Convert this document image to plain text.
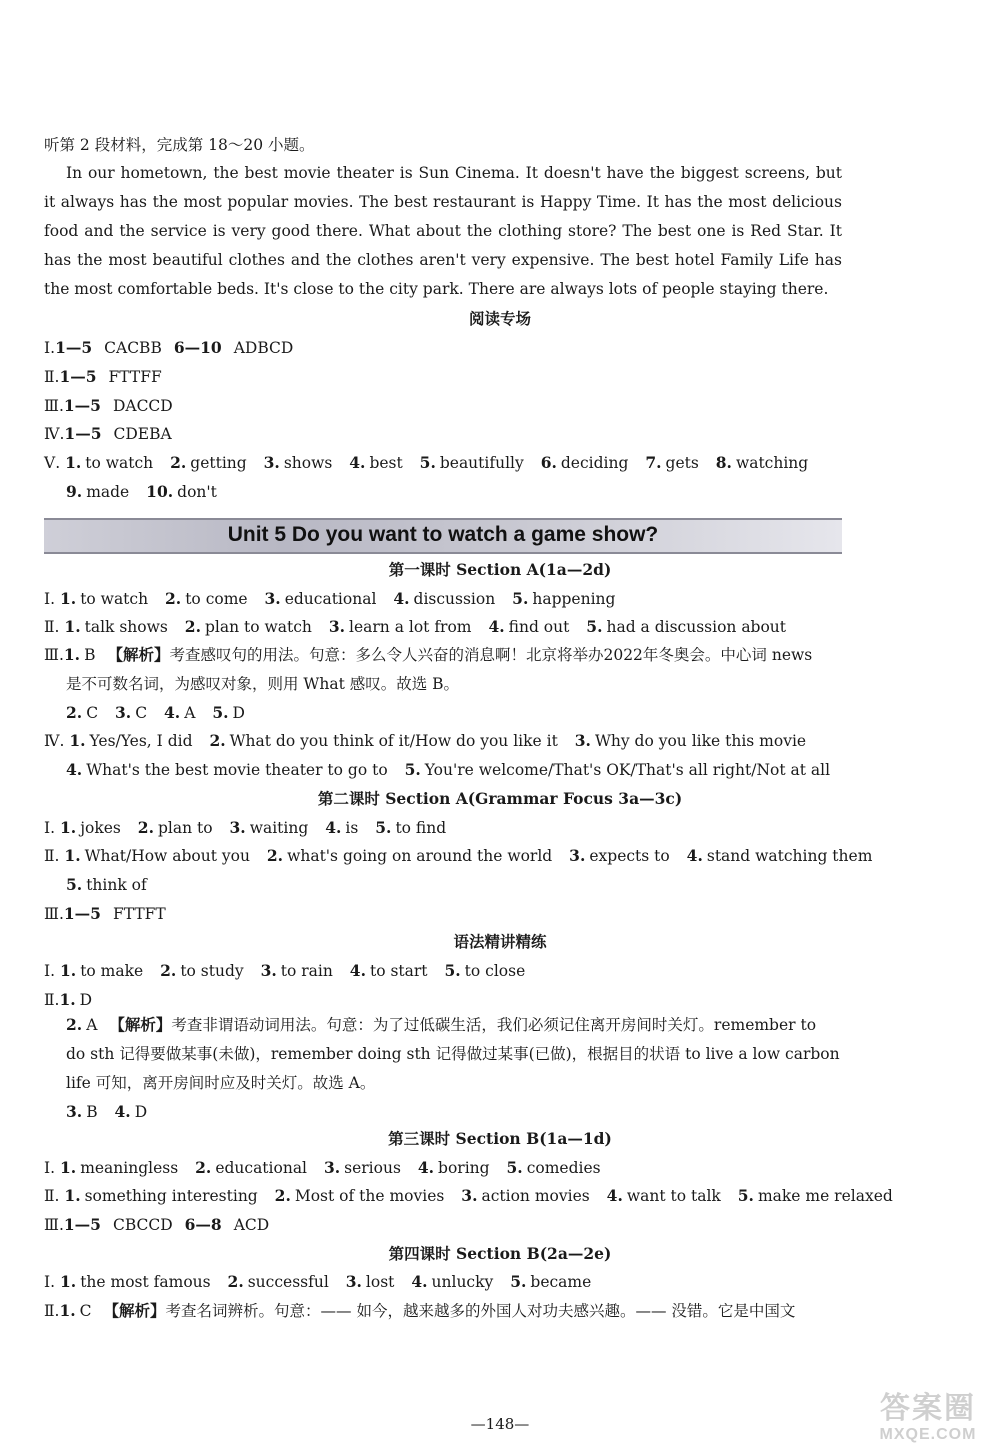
听第 2 段材料，完成第 18～20 小题。
In our hometown, the best movie theater is Sun Cinema. It doesn't have the biggest screens, but it always has the most popular movies. The best restaurant is Happy Time. It has the most delicious food and the service is very good there. What about the clothing store? The best one is Red Star. It has the most beautiful clothes and the clothes aren't very expensive. The best hotel Family Life has the most comfortable beds. It's close to the city park. There are always lots of people staying there.
阅读专场
Ⅰ.1—5 CACBB 6—10 ADBCD
Ⅱ.1—5 FTTFF
Ⅲ.1—5 DACCD
Ⅳ.1—5 CDEBA
Ⅴ. 1. to watch 2. getting 3. shows 4. best 5. beautifully 6. deciding 7. gets 8. watching
9. made 10. don't
Unit 5 Do you want to watch a game show?
第一课时 Section A(1a—2d)
Ⅰ. 1. to watch 2. to come 3. educational 4. discussion 5. happening
Ⅱ. 1. talk shows 2. plan to watch 3. learn a lot from 4. find out 5. had a discussion about
Ⅲ.1. B 【解析】考查感叹句的用法。句意：多么令人兴奋的消息啊！北京将举办2022年冬奥会。中心词 news
是不可数名词，为感叹对象，则用 What 感叹。故选 B。
2. C 3. C 4. A 5. D
Ⅳ. 1. Yes/Yes, I did 2. What do you think of it/How do you like it 3. Why do you like this movie
4. What's the best movie theater to go to 5. You're welcome/That's OK/That's all right/Not at all
第二课时 Section A(Grammar Focus 3a—3c)
Ⅰ. 1. jokes 2. plan to 3. waiting 4. is 5. to find
Ⅱ. 1. What/How about you 2. what's going on around the world 3. expects to 4. stand watching them
5. think of
Ⅲ.1—5 FTTFT
语法精讲精练
Ⅰ. 1. to make 2. to study 3. to rain 4. to start 5. to close
Ⅱ.1. D
2. A 【解析】考查非谓语动词用法。句意：为了过低碳生活，我们必须记住离开房间时关灯。remember to
do sth 记得要做某事(未做)，remember doing sth 记得做过某事(已做)，根据目的状语 to live a low carbon
life 可知，离开房间时应及时关灯。故选 A。
3. B 4. D
第三课时 Section B(1a—1d)
Ⅰ. 1. meaningless 2. educational 3. serious 4. boring 5. comedies
Ⅱ. 1. something interesting 2. Most of the movies 3. action movies 4. want to talk 5. make me relaxed
Ⅲ.1—5 CBCCD 6—8 ACD
第四课时 Section B(2a—2e)
Ⅰ. 1. the most famous 2. successful 3. lost 4. unlucky 5. became
Ⅱ.1. C 【解析】考查名词辨析。句意：—— 如今，越来越多的外国人对功夫感兴趣。—— 没错。它是中国文
—148—	答案圈
MXQE.COM
